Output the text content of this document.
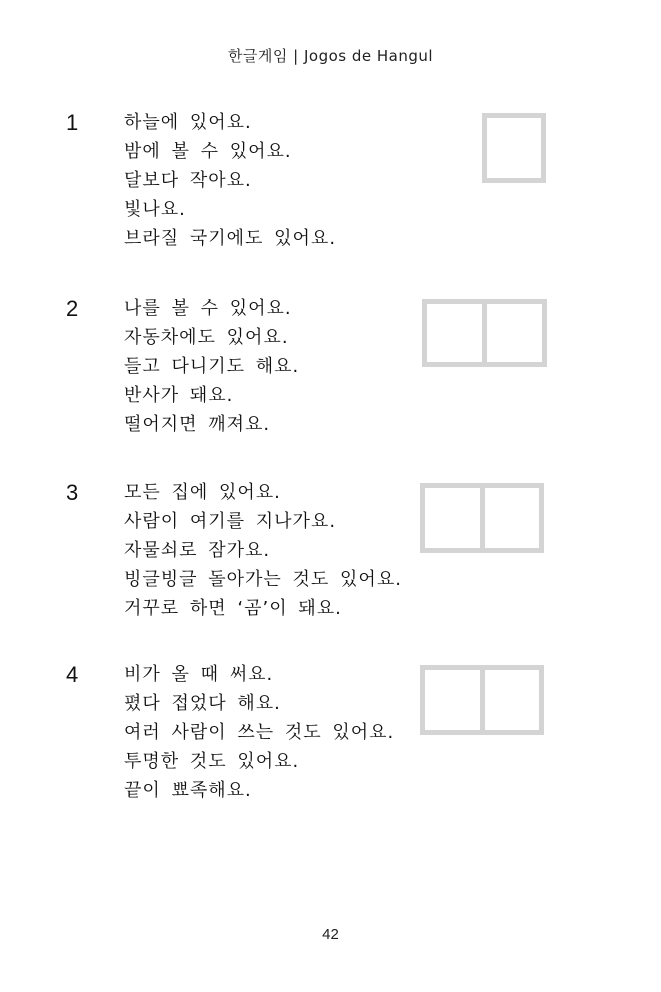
한글게임 | Jogos de Hangul
1	하늘에 있어요.
밤에 볼 수 있어요.
달보다 작아요.
빛나요.
브라질 국기에도 있어요.
2	나를 볼 수 있어요.
자동차에도 있어요.
들고 다니기도 해요.
반사가 돼요.
떨어지면 깨져요.
3	모든 집에 있어요.
사람이 여기를 지나가요.
자물쇠로 잠가요.
빙글빙글 돌아가는 것도 있어요.
거꾸로 하면 ‘곰’이 돼요.
4	비가 올 때 써요.
폈다 접었다 해요.
여러 사람이 쓰는 것도 있어요.
투명한 것도 있어요.
끝이 뾰족해요.
42
